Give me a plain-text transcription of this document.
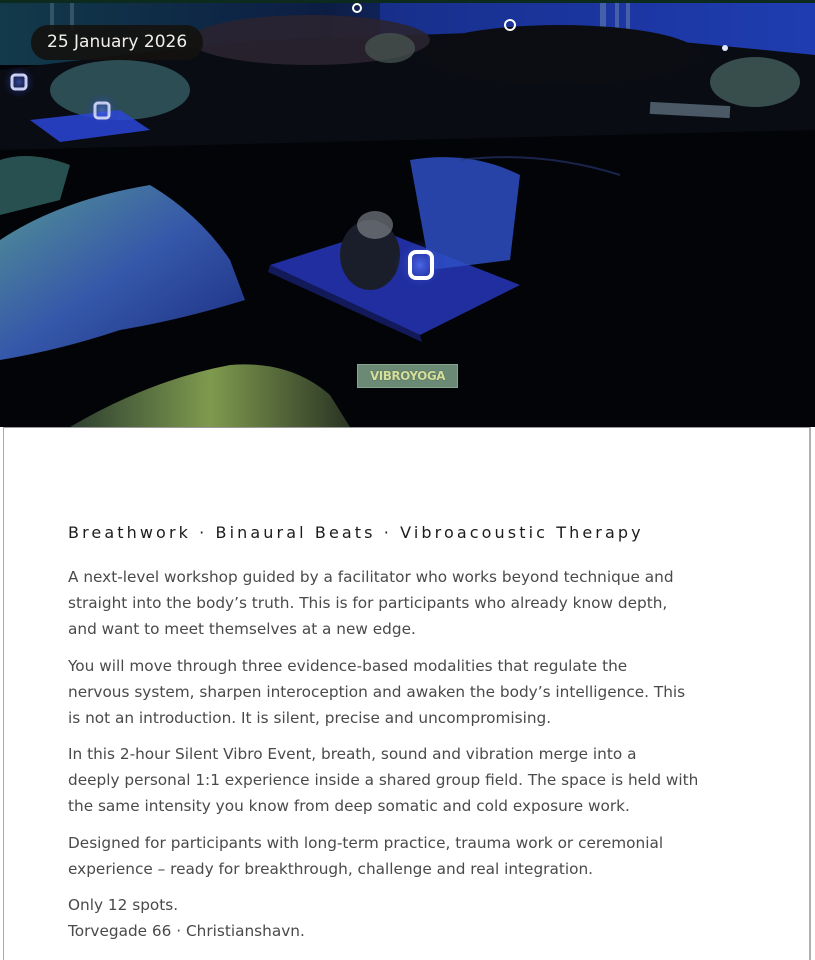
25 January 2026
VIBROYOGA
Breathwork · Binaural Beats · Vibroacoustic Therapy

A next-level workshop guided by a facilitator who works beyond technique and
straight into the body’s truth. This is for participants who already know depth,
and want to meet themselves at a new edge.

You will move through three evidence-based modalities that regulate the
nervous system, sharpen interoception and awaken the body’s intelligence. This
is not an introduction. It is silent, precise and uncompromising.

In this 2-hour Silent Vibro Event, breath, sound and vibration merge into a
deeply personal 1:1 experience inside a shared group field. The space is held with
the same intensity you know from deep somatic and cold exposure work.

Designed for participants with long-term practice, trauma work or ceremonial
experience – ready for breakthrough, challenge and real integration.

Only 12 spots.
Torvegade 66 · Christianshavn.
